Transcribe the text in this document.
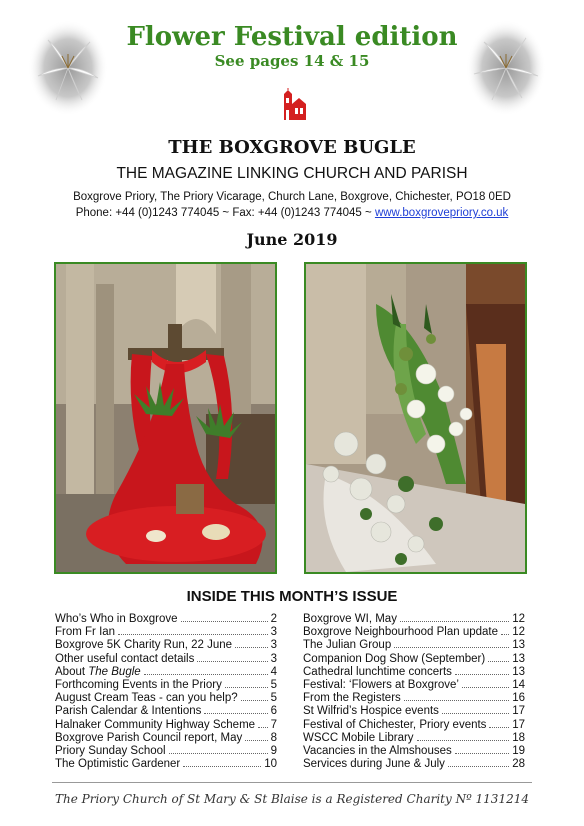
Flower Festival edition
See pages 14 & 15
THE BOXGROVE BUGLE
THE MAGAZINE LINKING CHURCH AND PARISH
Boxgrove Priory, The Priory Vicarage, Church Lane, Boxgrove, Chichester, PO18 0ED
Phone: +44 (0)1243 774045 ~ Fax: +44 (0)1243 774045 ~ www.boxgrovepriory.co.uk
June 2019
INSIDE THIS MONTH’S ISSUE
Who’s Who in Boxgrove	2
From Fr Ian	3
Boxgrove 5K Charity Run, 22 June	3
Other useful contact details	3
About The Bugle	4
Forthcoming Events in the Priory	5
August Cream Teas - can you help?	5
Parish Calendar & Intentions	6
Halnaker Community Highway Scheme 7
Boxgrove Parish Council report, May 8
Priory Sunday School	9
The Optimistic Gardener	10
Boxgrove WI, May	12
Boxgrove Neighbourhood Plan update 12
The Julian Group	13
Companion Dog Show (September) 13
Cathedral lunchtime concerts	13
Festival: ‘Flowers at Boxgrove’	14
From the Registers	16
St Wilfrid’s Hospice events	17
Festival of Chichester, Priory events 17
WSCC Mobile Library	18
Vacancies in the Almshouses	19
Services during June & July	28
The Priory Church of St Mary & St Blaise is a Registered Charity Nº 1131214
